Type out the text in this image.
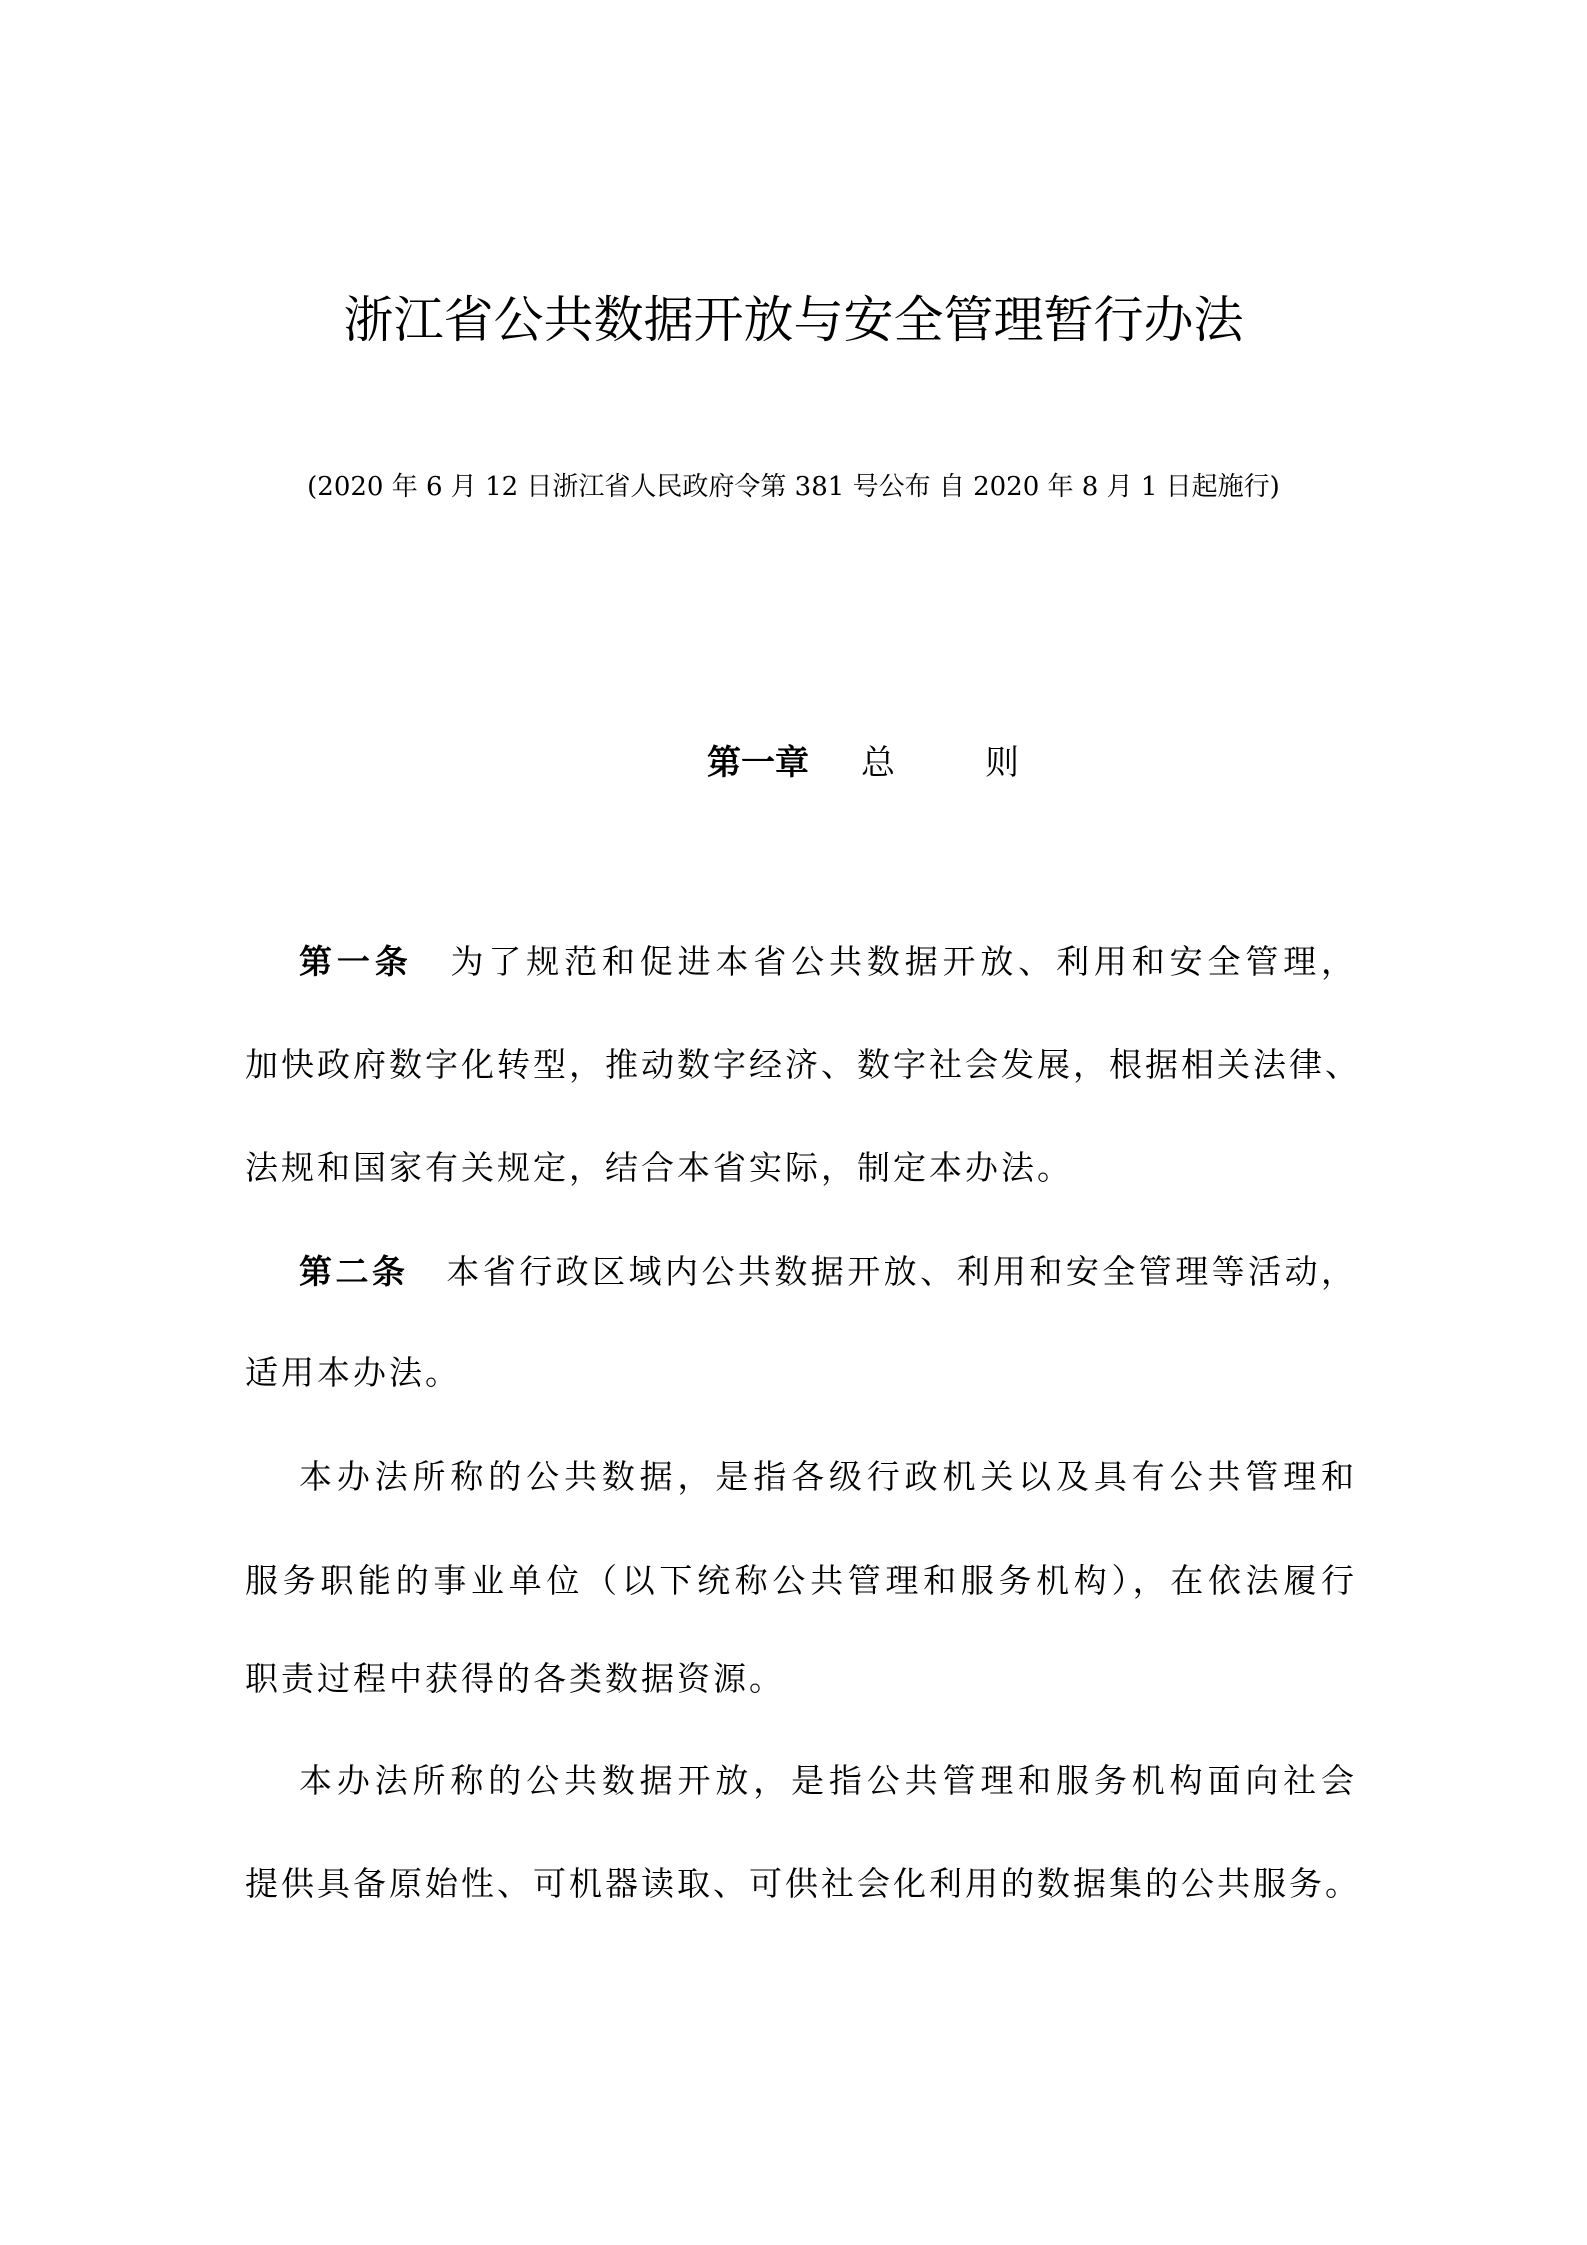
浙江省公共数据开放与安全管理暂行办法
(2020 年 6 月 12 日浙江省人民政府令第 381 号公布 自 2020 年 8 月 1 日起施行)
第一章 总	则
第一条 为了规范和促进本省公共数据开放、利用和安全管理，
加快政府数字化转型，推动数字经济、数字社会发展，根据相关法律、
法规和国家有关规定，结合本省实际，制定本办法。
第二条 本省行政区域内公共数据开放、利用和安全管理等活动，
适用本办法。
本办法所称的公共数据，是指各级行政机关以及具有公共管理和
服务职能的事业单位（以下统称公共管理和服务机构），在依法履行
职责过程中获得的各类数据资源。
本办法所称的公共数据开放，是指公共管理和服务机构面向社会
提供具备原始性、可机器读取、可供社会化利用的数据集的公共服务。
